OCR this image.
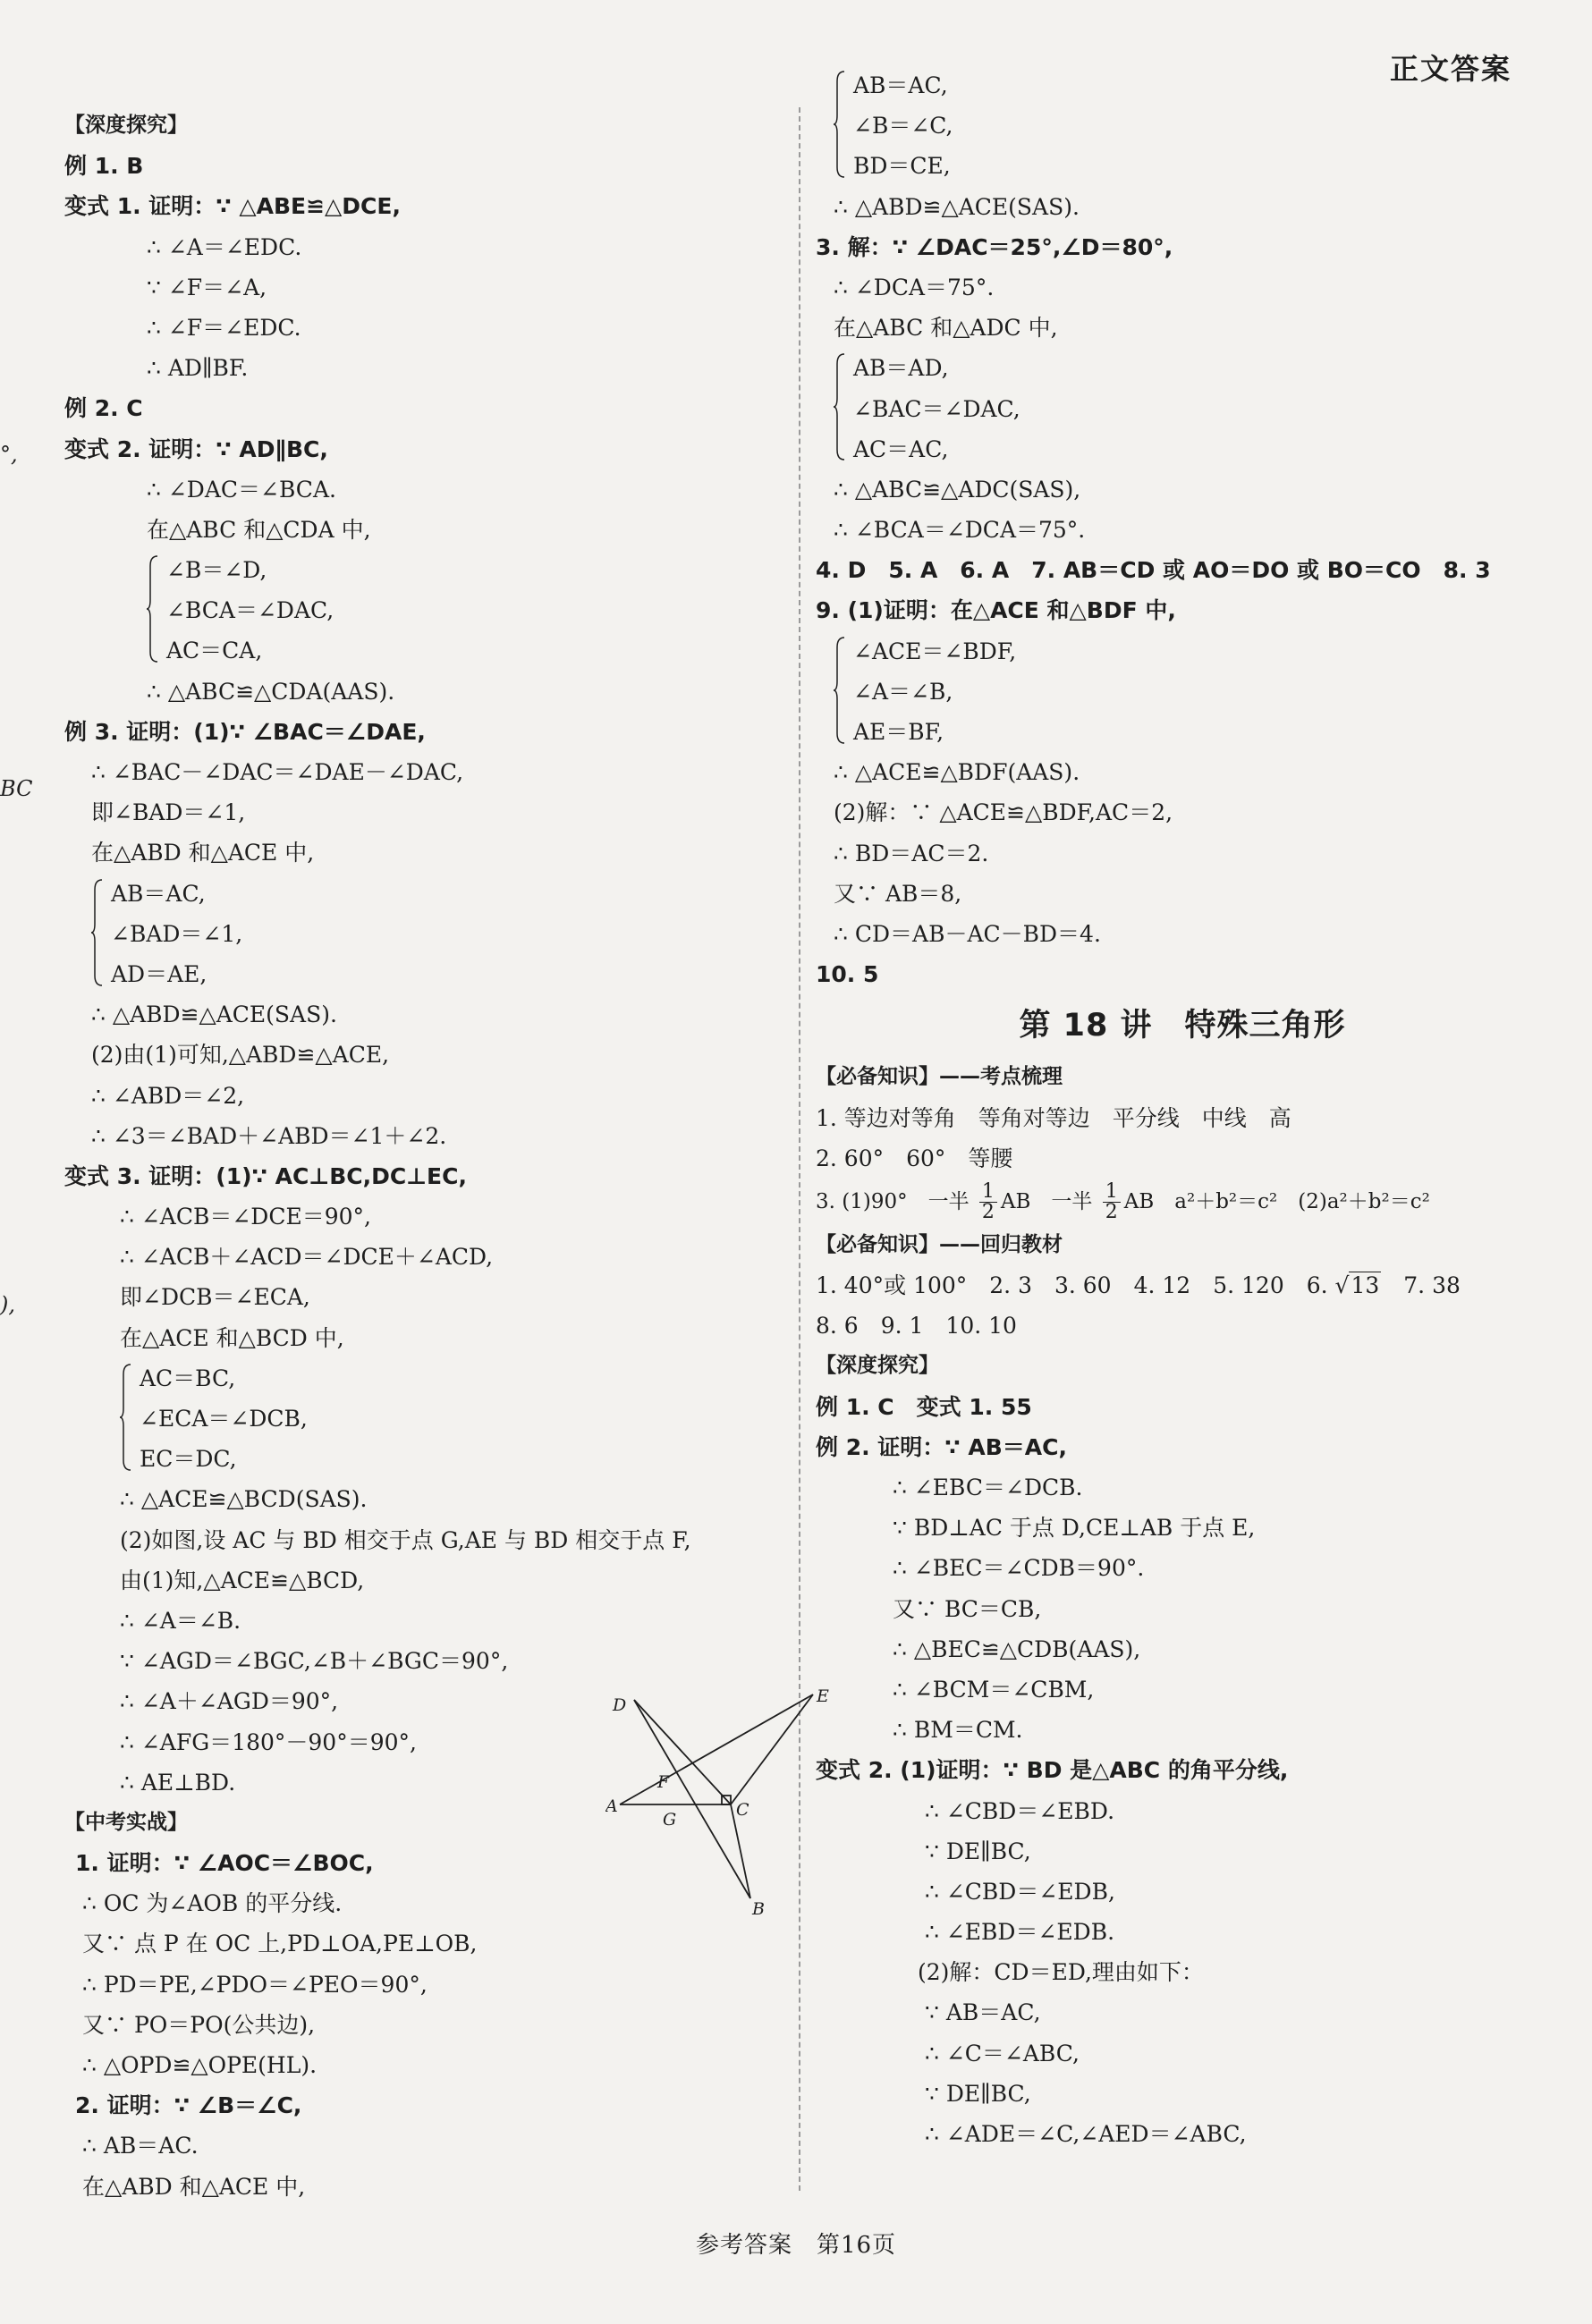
正文答案
°,
BC
),
【深度探究】
例 1. B
变式 1. 证明：∵ △ABE≌△DCE,
∴ ∠A＝∠EDC.
∵ ∠F＝∠A,
∴ ∠F＝∠EDC.
∴ AD∥BF.
例 2. C
变式 2. 证明：∵ AD∥BC,
∴ ∠DAC＝∠BCA.
在△ABC 和△CDA 中,
∠B＝∠D,
∠BCA＝∠DAC,
AC＝CA,
∴ △ABC≌△CDA(AAS).
例 3. 证明：(1)∵ ∠BAC＝∠DAE,
∴ ∠BAC－∠DAC＝∠DAE－∠DAC,
即∠BAD＝∠1,
在△ABD 和△ACE 中,
AB＝AC,
∠BAD＝∠1,
AD＝AE,
∴ △ABD≌△ACE(SAS).
(2)由(1)可知,△ABD≌△ACE,
∴ ∠ABD＝∠2,
∴ ∠3＝∠BAD＋∠ABD＝∠1＋∠2.
变式 3. 证明：(1)∵ AC⊥BC,DC⊥EC,
∴ ∠ACB＝∠DCE＝90°,
∴ ∠ACB＋∠ACD＝∠DCE＋∠ACD,
即∠DCB＝∠ECA,
在△ACE 和△BCD 中,
AC＝BC,
∠ECA＝∠DCB,
EC＝DC,
∴ △ACE≌△BCD(SAS).
(2)如图,设 AC 与 BD 相交于点 G,AE 与 BD 相交于点 F,
由(1)知,△ACE≌△BCD,
∴ ∠A＝∠B.
∵ ∠AGD＝∠BGC,∠B＋∠BGC＝90°,
∴ ∠A＋∠AGD＝90°,
∴ ∠AFG＝180°－90°＝90°,
∴ AE⊥BD.
【中考实战】
1. 证明：∵ ∠AOC＝∠BOC,
∴ OC 为∠AOB 的平分线.
又∵ 点 P 在 OC 上,PD⊥OA,PE⊥OB,
∴ PD＝PE,∠PDO＝∠PEO＝90°,
又∵ PO＝PO(公共边),
∴ △OPD≌△OPE(HL).
2. 证明：∵ ∠B＝∠C,
∴ AB＝AC.
在△ABD 和△ACE 中,
D	E
F
A
G	C
B
AB＝AC,
∠B＝∠C,
BD＝CE,
∴ △ABD≌△ACE(SAS).
3. 解：∵ ∠DAC＝25°,∠D＝80°,
∴ ∠DCA＝75°.
在△ABC 和△ADC 中,
AB＝AD,
∠BAC＝∠DAC,
AC＝AC,
∴ △ABC≌△ADC(SAS),
∴ ∠BCA＝∠DCA＝75°.
4. D　5. A　6. A　7. AB＝CD 或 AO＝DO 或 BO＝CO　8. 3
9. (1)证明：在△ACE 和△BDF 中,
∠ACE＝∠BDF,
∠A＝∠B,
AE＝BF,
∴ △ACE≌△BDF(AAS).
(2)解：∵ △ACE≌△BDF,AC＝2,
∴ BD＝AC＝2.
又∵ AB＝8,
∴ CD＝AB－AC－BD＝4.
10. 5
第 18 讲　特殊三角形
【必备知识】——考点梳理
1. 等边对等角　等角对等边　平分线　中线　高
2. 60°　60°　等腰
3. (1)90°　一半 $\frac{1}{2}$ AB　一半 $\frac{1}{2}$ AB　a²＋b²＝c²　(2)a²＋b²＝c²
【必备知识】——回归教材
1. 40°或 100°　2. 3　3. 60　4. 12　5. 120　6. √13　7. 38
8. 6　9. 1　10. 10
【深度探究】
例 1. C　变式 1. 55
例 2. 证明：∵ AB＝AC,
∴ ∠EBC＝∠DCB.
∵ BD⊥AC 于点 D,CE⊥AB 于点 E,
∴ ∠BEC＝∠CDB＝90°.
又∵ BC＝CB,
∴ △BEC≌△CDB(AAS),
∴ ∠BCM＝∠CBM,
∴ BM＝CM.
变式 2. (1)证明：∵ BD 是△ABC 的角平分线,
∴ ∠CBD＝∠EBD.
∵ DE∥BC,
∴ ∠CBD＝∠EDB,
∴ ∠EBD＝∠EDB.
(2)解：CD＝ED,理由如下：
∵ AB＝AC,
∴ ∠C＝∠ABC,
∵ DE∥BC,
∴ ∠ADE＝∠C,∠AED＝∠ABC,
参考答案　第16页
